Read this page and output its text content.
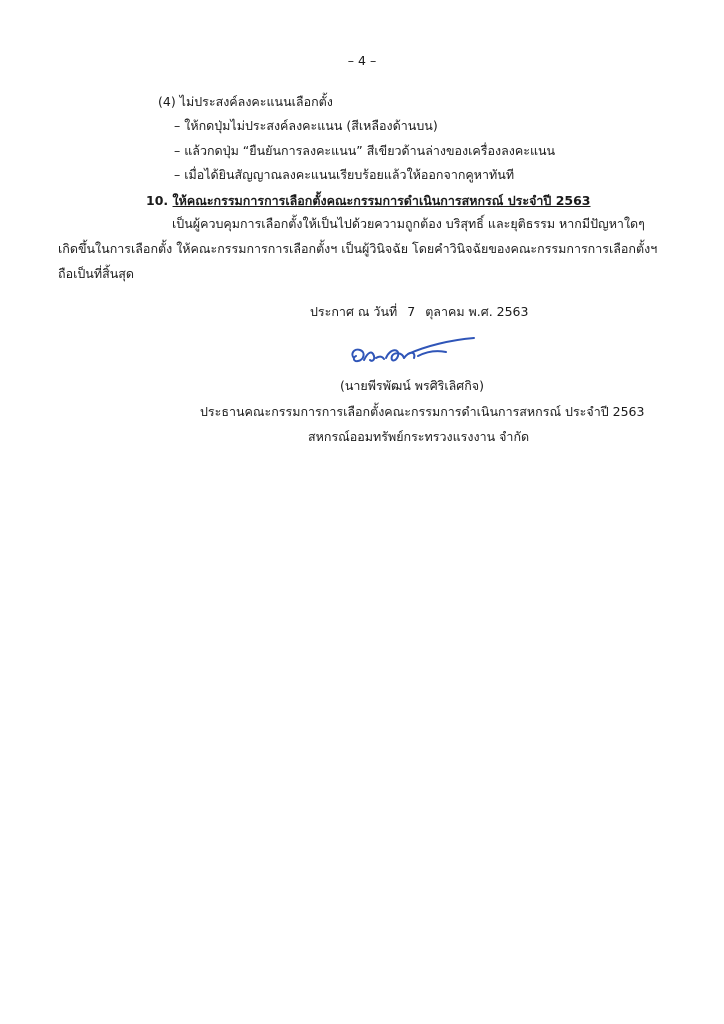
– 4 –
(4) ไม่ประสงค์ลงคะแนนเลือกตั้ง
– ให้กดปุ่มไม่ประสงค์ลงคะแนน (สีเหลืองด้านบน)
– แล้วกดปุ่ม “ยืนยันการลงคะแนน” สีเขียวด้านล่างของเครื่องลงคะแนน
– เมื่อได้ยินสัญญาณลงคะแนนเรียบร้อยแล้วให้ออกจากคูหาทันที
10. ให้คณะกรรมการการเลือกตั้งคณะกรรมการดำเนินการสหกรณ์ ประจำปี 2563
เป็นผู้ควบคุมการเลือกตั้งให้เป็นไปด้วยความถูกต้อง บริสุทธิ์ และยุติธรรม หากมีปัญหาใดๆ
เกิดขึ้นในการเลือกตั้ง ให้คณะกรรมการการเลือกตั้งฯ เป็นผู้วินิจฉัย โดยคำวินิจฉัยของคณะกรรมการการเลือกตั้งฯ
ถือเป็นที่สิ้นสุด
ประกาศ ณ วันที่ 7 ตุลาคม พ.ศ. 2563
(นายพีรพัฒน์ พรศิริเลิศกิจ)
ประธานคณะกรรมการการเลือกตั้งคณะกรรมการดำเนินการสหกรณ์ ประจำปี 2563
สหกรณ์ออมทรัพย์กระทรวงแรงงาน จำกัด
